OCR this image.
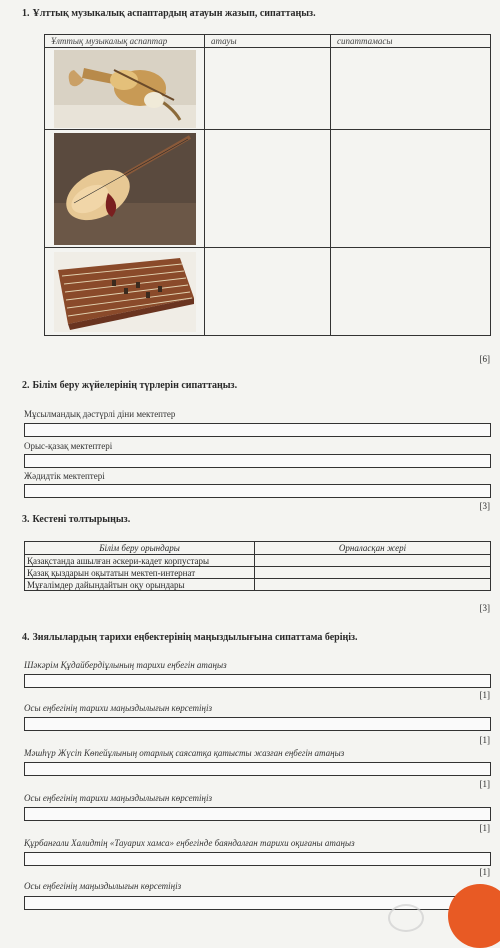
1. Ұлттық музыкалық аспаптардың атауын жазып, сипаттаңыз.
Ұлттық музыкалық аспаптар	атауы	сипаттамасы

[6]
2. Білім беру жүйелерінің түрлерін сипаттаңыз.
Мұсылмандық дәстүрлі діни мектептер
Орыс-қазақ мектептері
Жәдидтік мектептері
[3]
3. Кестені толтырыңыз.
Білім беру орындары	Орналасқан жері
Қазақстанда ашылған әскери-кадет корпустары	
Қазақ қыздарын оқытатын мектеп-интернат	
Мұғалімдер дайындайтын оқу орындары	
[3]
4. Зиялылардың тарихи еңбектерінің маңыздылығына сипаттама беріңіз.
Шәкәрім Құдайбердіұлының тарихи еңбегін атаңыз
[1]
Осы еңбегінің тарихи маңыздылығын көрсетіңіз
[1]
Мәшһүр Жүсіп Көпейұлының отарлық саясатқа қатысты жазған еңбегін атаңыз
[1]
Осы еңбегінің тарихи маңыздылығын көрсетіңіз
[1]
Құрбанғали Халидтің «Тауарих хамса» еңбегінде баяндалған тарихи оқиғаны атаңыз
[1]
Осы еңбегінің маңыздылығын көрсетіңіз
